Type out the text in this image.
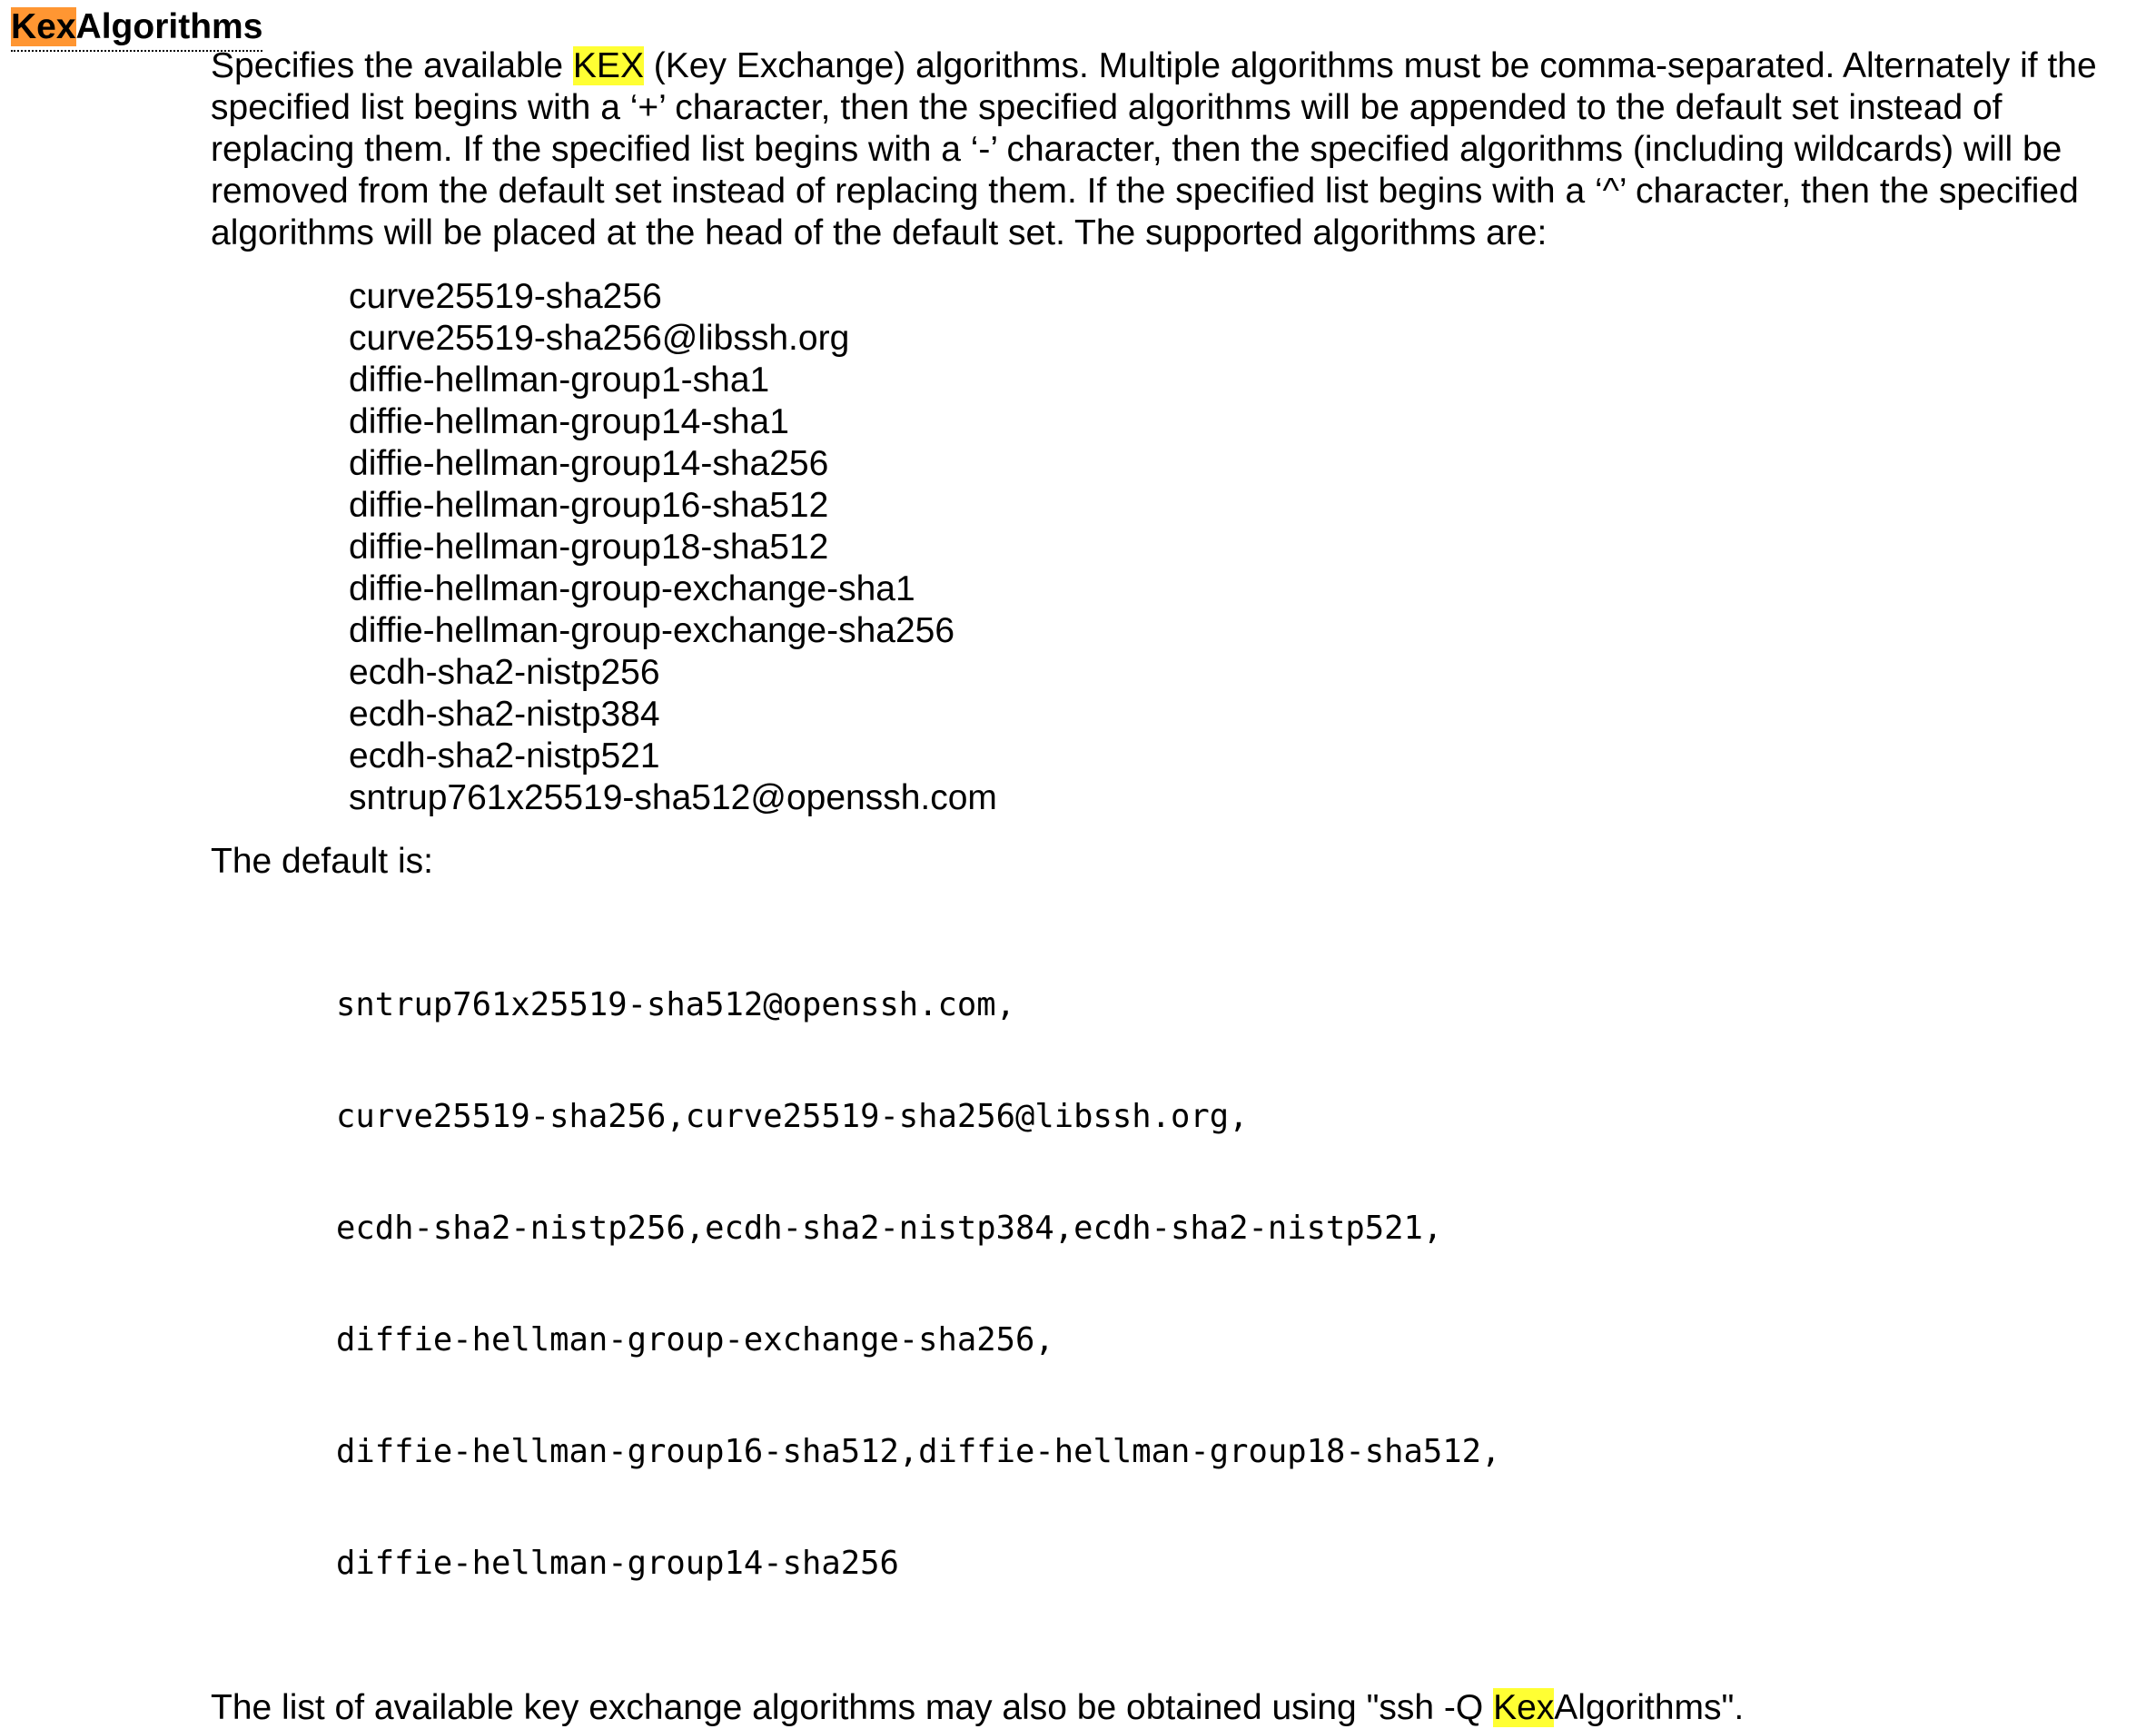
KexAlgorithms

Specifies the available KEX (Key Exchange) algorithms. Multiple algorithms must be comma-separated. Alternately if the specified list begins with a ‘+’ character, then the specified algorithms will be appended to the default set instead of replacing them. If the specified list begins with a ‘-’ character, then the specified algorithms (including wildcards) will be removed from the default set instead of replacing them. If the specified list begins with a ‘^’ character, then the specified algorithms will be placed at the head of the default set. The supported algorithms are:

curve25519-sha256
curve25519-sha256@libssh.org
diffie-hellman-group1-sha1
diffie-hellman-group14-sha1
diffie-hellman-group14-sha256
diffie-hellman-group16-sha512
diffie-hellman-group18-sha512
diffie-hellman-group-exchange-sha1
diffie-hellman-group-exchange-sha256
ecdh-sha2-nistp256
ecdh-sha2-nistp384
ecdh-sha2-nistp521
sntrup761x25519-sha512@openssh.com

The default is:

sntrup761x25519-sha512@openssh.com,

curve25519-sha256,curve25519-sha256@libssh.org,

ecdh-sha2-nistp256,ecdh-sha2-nistp384,ecdh-sha2-nistp521,

diffie-hellman-group-exchange-sha256,

diffie-hellman-group16-sha512,diffie-hellman-group18-sha512,

diffie-hellman-group14-sha256

The list of available key exchange algorithms may also be obtained using "ssh -Q KexAlgorithms".
